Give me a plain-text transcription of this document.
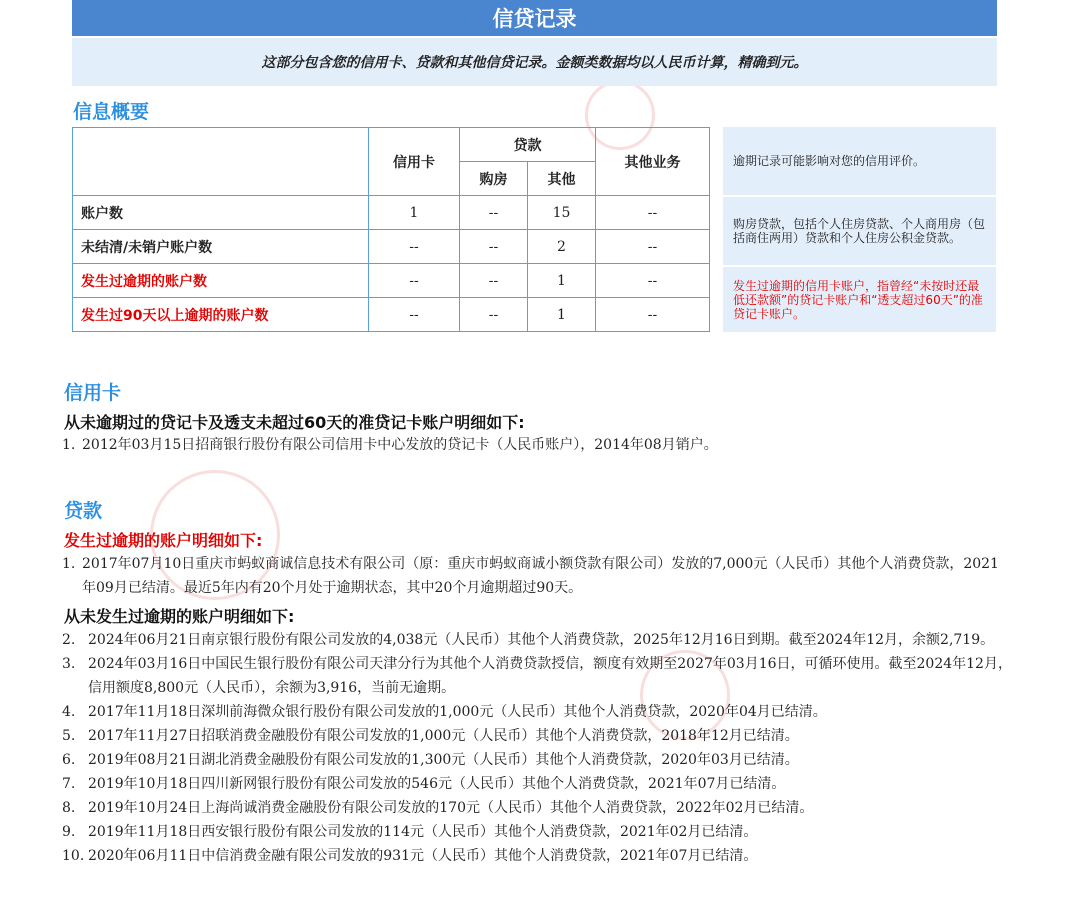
信贷记录
这部分包含您的信用卡、贷款和其他信贷记录。金额类数据均以人民币计算，精确到元。
信息概要
	信用卡	贷款		其他业务
		购房	其他	
账户数	1	--	15	--
未结清/未销户账户数	--	--	2	--
发生过逾期的账户数	--	--	1	--
发生过90天以上逾期的账户数	--	--	1	--
逾期记录可能影响对您的信用评价。
购房贷款，包括个人住房贷款、个人商用房（包括商住两用）贷款和个人住房公积金贷款。
发生过逾期的信用卡账户，指曾经“未按时还最低还款额”的贷记卡账户和“透支超过60天”的准贷记卡账户。
信用卡
从未逾期过的贷记卡及透支未超过60天的准贷记卡账户明细如下:
1. 2012年03月15日招商银行股份有限公司信用卡中心发放的贷记卡（人民币账户），2014年08月销户。
贷款
发生过逾期的账户明细如下:
1. 2017年07月10日重庆市蚂蚁商诚信息技术有限公司（原：重庆市蚂蚁商诚小额贷款有限公司）发放的7,000元（人民币）其他个人消费贷款，2021年09月已结清。最近5年内有20个月处于逾期状态，其中20个月逾期超过90天。
从未发生过逾期的账户明细如下:
2. 2024年06月21日南京银行股份有限公司发放的4,038元（人民币）其他个人消费贷款，2025年12月16日到期。截至2024年12月，余额2,719。
3. 2024年03月16日中国民生银行股份有限公司天津分行为其他个人消费贷款授信，额度有效期至2027年03月16日，可循环使用。截至2024年12月，信用额度8,800元（人民币），余额为3,916，当前无逾期。
4. 2017年11月18日深圳前海微众银行股份有限公司发放的1,000元（人民币）其他个人消费贷款，2020年04月已结清。
5. 2017年11月27日招联消费金融股份有限公司发放的1,000元（人民币）其他个人消费贷款，2018年12月已结清。
6. 2019年08月21日湖北消费金融股份有限公司发放的1,300元（人民币）其他个人消费贷款，2020年03月已结清。
7. 2019年10月18日四川新网银行股份有限公司发放的546元（人民币）其他个人消费贷款，2021年07月已结清。
8. 2019年10月24日上海尚诚消费金融股份有限公司发放的170元（人民币）其他个人消费贷款，2022年02月已结清。
9. 2019年11月18日西安银行股份有限公司发放的114元（人民币）其他个人消费贷款，2021年02月已结清。
10. 2020年06月11日中信消费金融有限公司发放的931元（人民币）其他个人消费贷款，2021年07月已结清。
